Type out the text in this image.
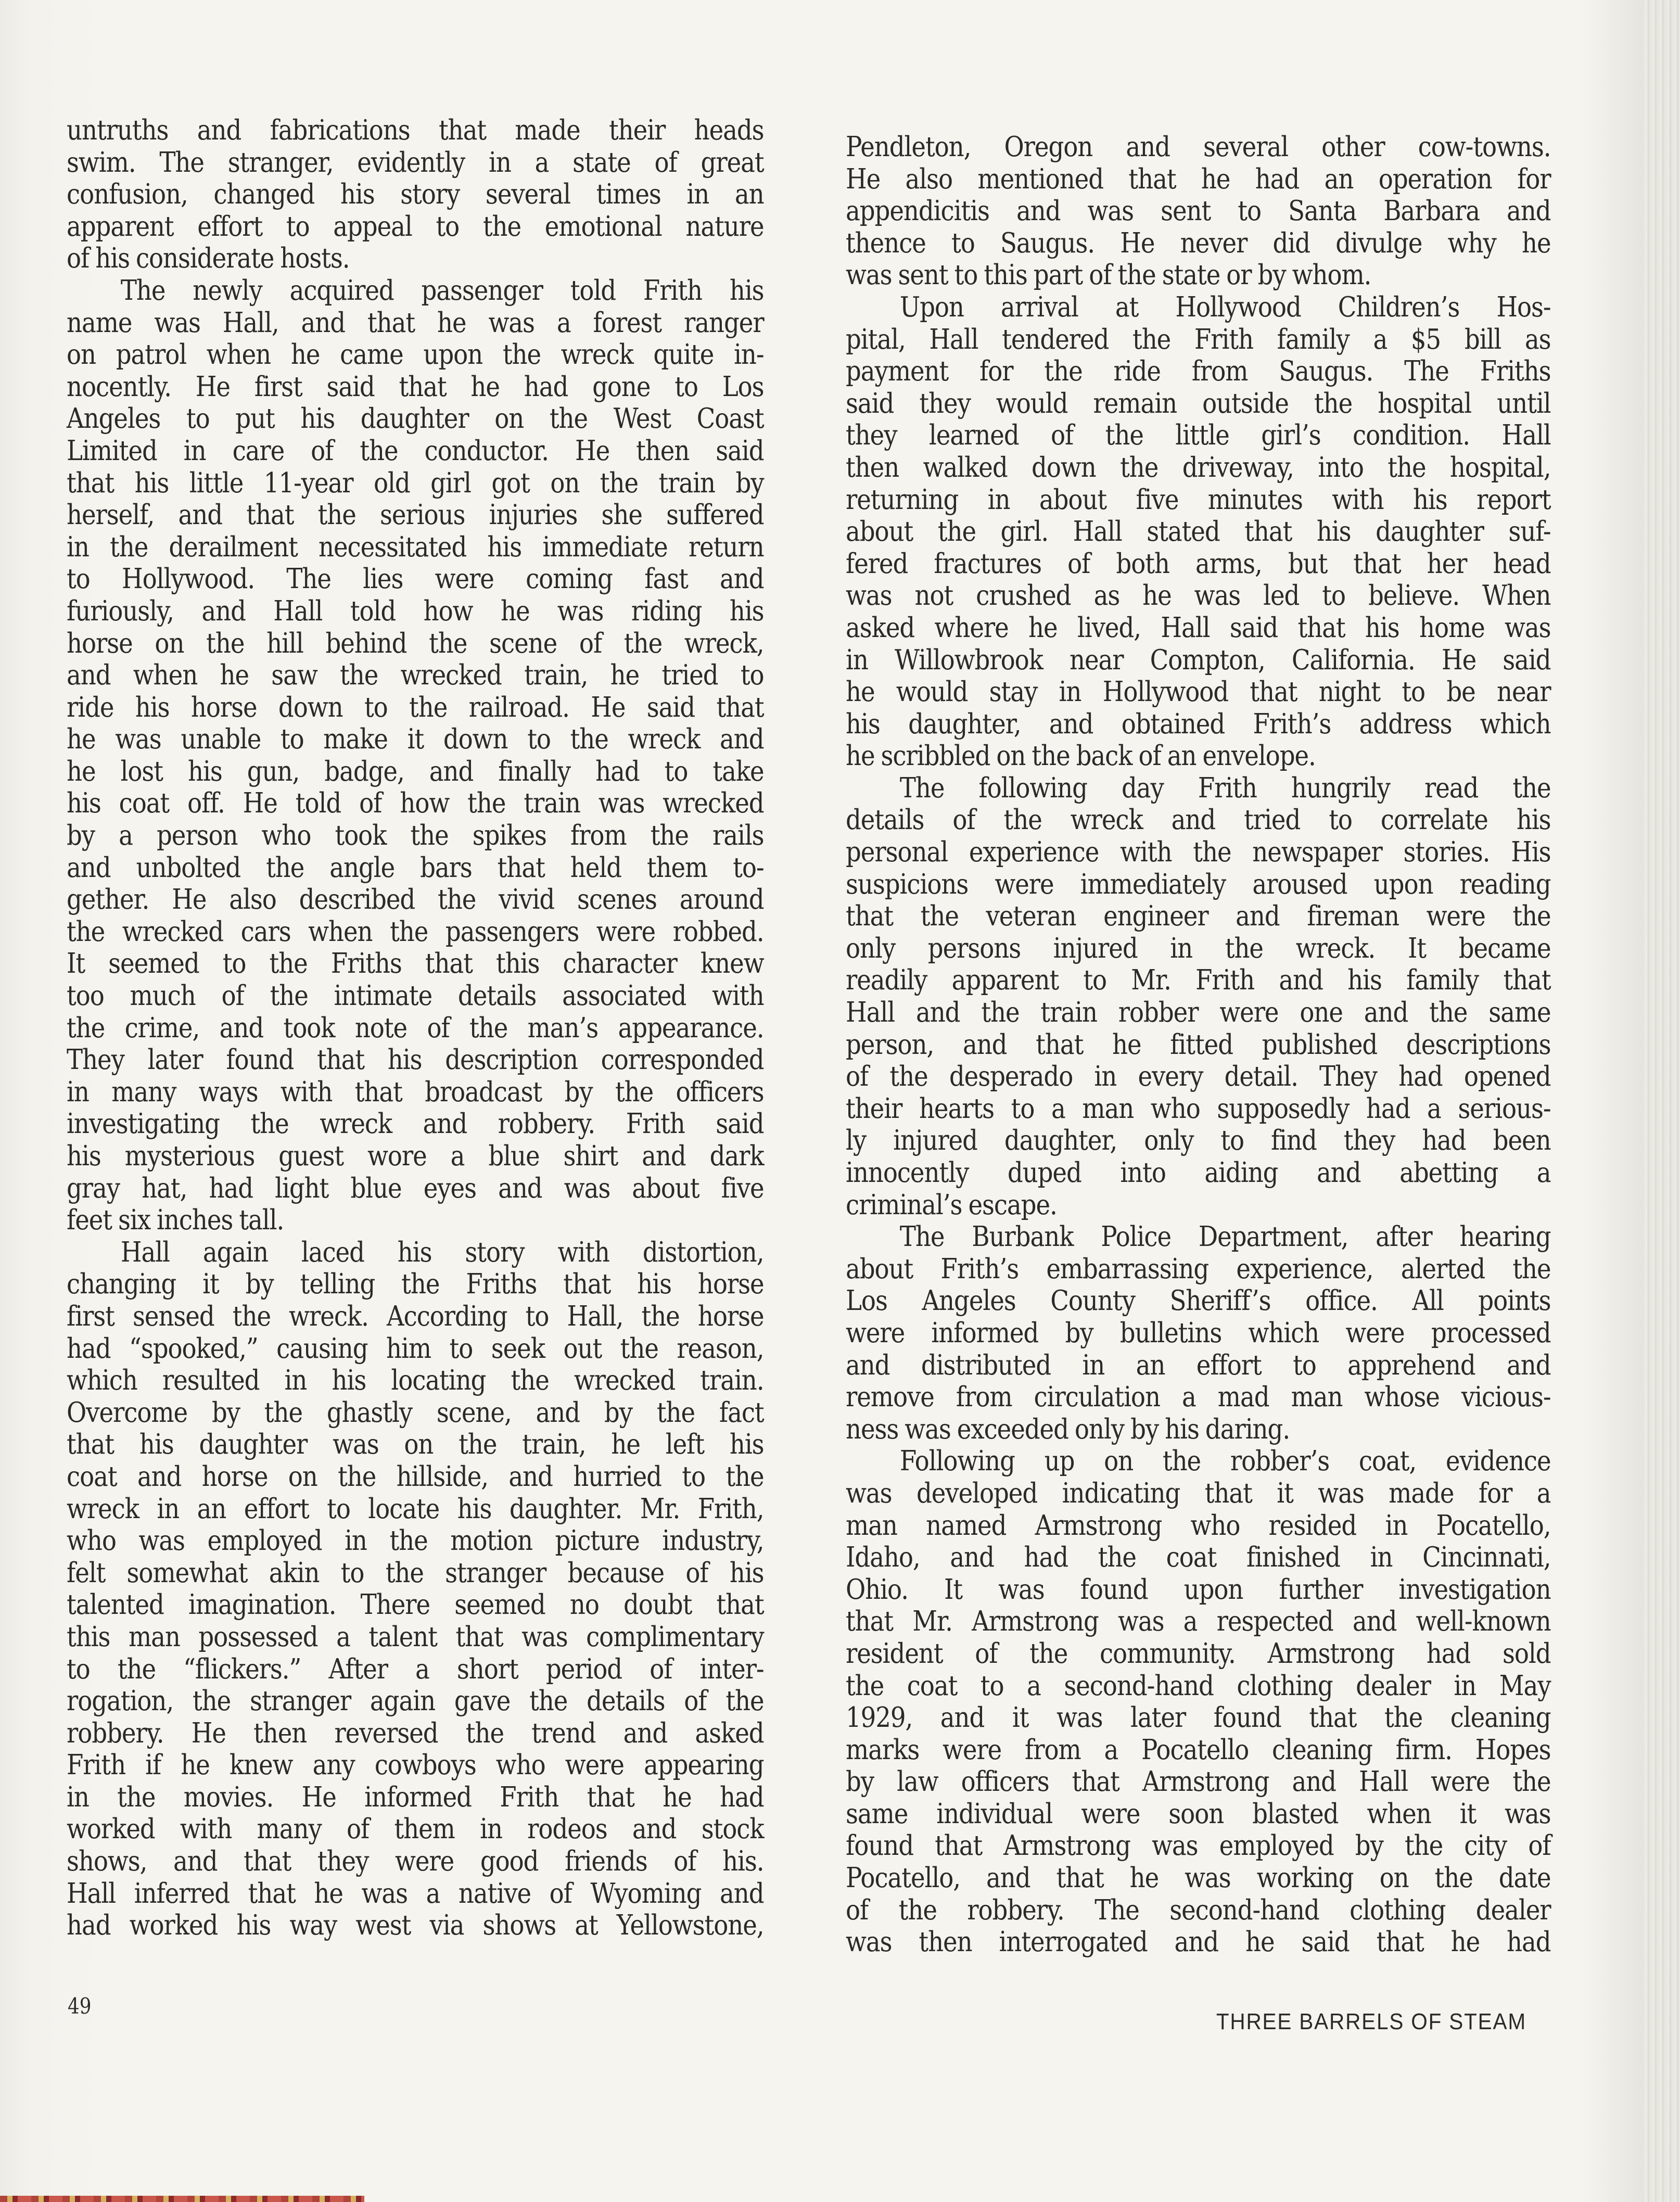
untruths and fabrications that made their heads
swim. The stranger, evidently in a state of great
confusion, changed his story several times in an
apparent effort to appeal to the emotional nature
of his considerate hosts.
The newly acquired passenger told Frith his
name was Hall, and that he was a forest ranger
on patrol when he came upon the wreck quite in-
nocently. He first said that he had gone to Los
Angeles to put his daughter on the West Coast
Limited in care of the conductor. He then said
that his little 11-year old girl got on the train by
herself, and that the serious injuries she suffered
in the derailment necessitated his immediate return
to Hollywood. The lies were coming fast and
furiously, and Hall told how he was riding his
horse on the hill behind the scene of the wreck,
and when he saw the wrecked train, he tried to
ride his horse down to the railroad. He said that
he was unable to make it down to the wreck and
he lost his gun, badge, and finally had to take
his coat off. He told of how the train was wrecked
by a person who took the spikes from the rails
and unbolted the angle bars that held them to-
gether. He also described the vivid scenes around
the wrecked cars when the passengers were robbed.
It seemed to the Friths that this character knew
too much of the intimate details associated with
the crime, and took note of the man’s appearance.
They later found that his description corresponded
in many ways with that broadcast by the officers
investigating the wreck and robbery. Frith said
his mysterious guest wore a blue shirt and dark
gray hat, had light blue eyes and was about five
feet six inches tall.
Hall again laced his story with distortion,
changing it by telling the Friths that his horse
first sensed the wreck. According to Hall, the horse
had “spooked,” causing him to seek out the reason,
which resulted in his locating the wrecked train.
Overcome by the ghastly scene, and by the fact
that his daughter was on the train, he left his
coat and horse on the hillside, and hurried to the
wreck in an effort to locate his daughter. Mr. Frith,
who was employed in the motion picture industry,
felt somewhat akin to the stranger because of his
talented imagination. There seemed no doubt that
this man possessed a talent that was complimentary
to the “flickers.” After a short period of inter-
rogation, the stranger again gave the details of the
robbery. He then reversed the trend and asked
Frith if he knew any cowboys who were appearing
in the movies. He informed Frith that he had
worked with many of them in rodeos and stock
shows, and that they were good friends of his.
Hall inferred that he was a native of Wyoming and
had worked his way west via shows at Yellowstone,
Pendleton, Oregon and several other cow-towns.
He also mentioned that he had an operation for
appendicitis and was sent to Santa Barbara and
thence to Saugus. He never did divulge why he
was sent to this part of the state or by whom.
Upon arrival at Hollywood Children’s Hos-
pital, Hall tendered the Frith family a $5 bill as
payment for the ride from Saugus. The Friths
said they would remain outside the hospital until
they learned of the little girl’s condition. Hall
then walked down the driveway, into the hospital,
returning in about five minutes with his report
about the girl. Hall stated that his daughter suf-
fered fractures of both arms, but that her head
was not crushed as he was led to believe. When
asked where he lived, Hall said that his home was
in Willowbrook near Compton, California. He said
he would stay in Hollywood that night to be near
his daughter, and obtained Frith’s address which
he scribbled on the back of an envelope.
The following day Frith hungrily read the
details of the wreck and tried to correlate his
personal experience with the newspaper stories. His
suspicions were immediately aroused upon reading
that the veteran engineer and fireman were the
only persons injured in the wreck. It became
readily apparent to Mr. Frith and his family that
Hall and the train robber were one and the same
person, and that he fitted published descriptions
of the desperado in every detail. They had opened
their hearts to a man who supposedly had a serious-
ly injured daughter, only to find they had been
innocently duped into aiding and abetting a
criminal’s escape.
The Burbank Police Department, after hearing
about Frith’s embarrassing experience, alerted the
Los Angeles County Sheriff’s office. All points
were informed by bulletins which were processed
and distributed in an effort to apprehend and
remove from circulation a mad man whose vicious-
ness was exceeded only by his daring.
Following up on the robber’s coat, evidence
was developed indicating that it was made for a
man named Armstrong who resided in Pocatello,
Idaho, and had the coat finished in Cincinnati,
Ohio. It was found upon further investigation
that Mr. Armstrong was a respected and well-known
resident of the community. Armstrong had sold
the coat to a second-hand clothing dealer in May
1929, and it was later found that the cleaning
marks were from a Pocatello cleaning firm. Hopes
by law officers that Armstrong and Hall were the
same individual were soon blasted when it was
found that Armstrong was employed by the city of
Pocatello, and that he was working on the date
of the robbery. The second-hand clothing dealer
was then interrogated and he said that he had
49
THREE BARRELS OF STEAM
